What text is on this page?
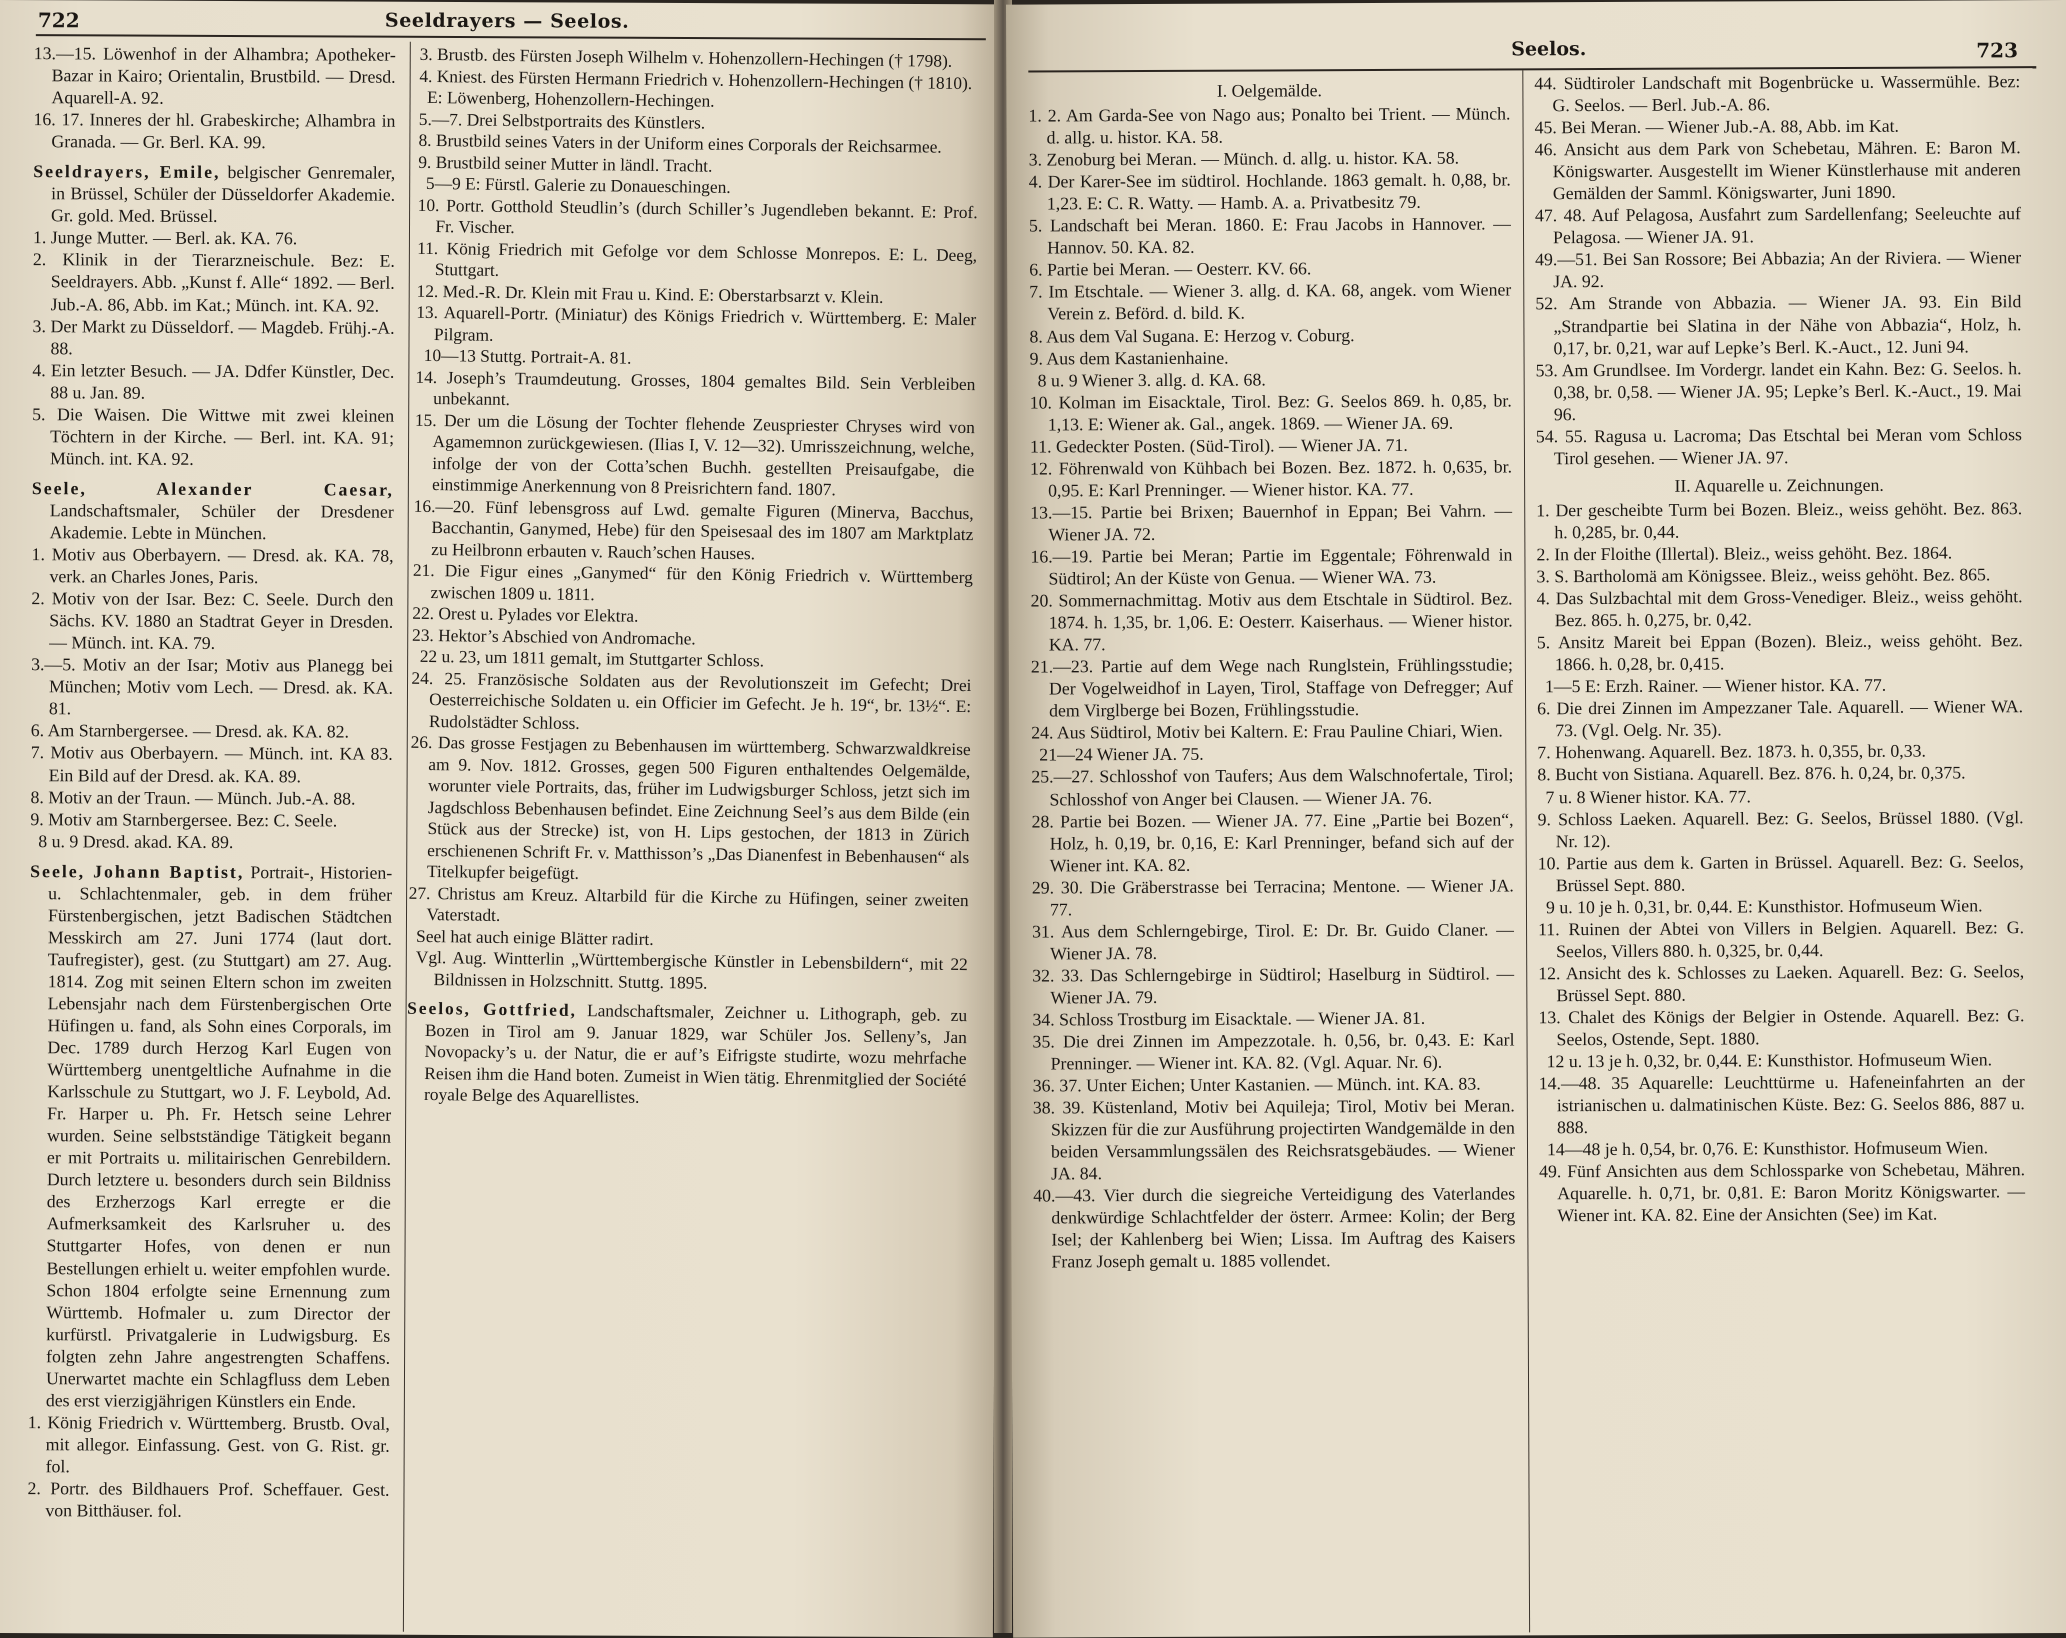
722	Seeldrayers — Seelos.

13.—15. Löwenhof in der Alhambra; Apotheker-Bazar in Kairo; Orientalin, Brustbild. — Dresd. Aquarell-A. 92.

16. 17. Inneres der hl. Grabeskirche; Alhambra in Granada. — Gr. Berl. KA. 99.

Seeldrayers, Emile, belgischer Genremaler, in Brüssel, Schüler der Düsseldorfer Akademie. Gr. gold. Med. Brüssel.

1. Junge Mutter. — Berl. ak. KA. 76.

2. Klinik in der Tierarzneischule. Bez: E. Seeldrayers. Abb. „Kunst f. Alle“ 1892. — Berl. Jub.-A. 86, Abb. im Kat.; Münch. int. KA. 92.

3. Der Markt zu Düsseldorf. — Magdeb. Frühj.-A. 88.

4. Ein letzter Besuch. — JA. Ddfer Künstler, Dec. 88 u. Jan. 89.

5. Die Waisen. Die Wittwe mit zwei kleinen Töchtern in der Kirche. — Berl. int. KA. 91; Münch. int. KA. 92.

Seele, Alexander Caesar, Landschaftsmaler, Schüler der Dresdener Akademie. Lebte in München.

1. Motiv aus Oberbayern. — Dresd. ak. KA. 78, verk. an Charles Jones, Paris.

2. Motiv von der Isar. Bez: C. Seele. Durch den Sächs. KV. 1880 an Stadtrat Geyer in Dresden. — Münch. int. KA. 79.

3.—5. Motiv an der Isar; Motiv aus Planegg bei München; Motiv vom Lech. — Dresd. ak. KA. 81.

6. Am Starnbergersee. — Dresd. ak. KA. 82.

7. Motiv aus Oberbayern. — Münch. int. KA 83. Ein Bild auf der Dresd. ak. KA. 89.

8. Motiv an der Traun. — Münch. Jub.-A. 88.

9. Motiv am Starnbergersee. Bez: C. Seele.

8 u. 9 Dresd. akad. KA. 89.

Seele, Johann Baptist, Portrait-, Historien- u. Schlachtenmaler, geb. in dem früher Fürstenbergischen, jetzt Badischen Städtchen Messkirch am 27. Juni 1774 (laut dort. Taufregister), gest. (zu Stuttgart) am 27. Aug. 1814. Zog mit seinen Eltern schon im zweiten Lebensjahr nach dem Fürstenbergischen Orte Hüfingen u. fand, als Sohn eines Corporals, im Dec. 1789 durch Herzog Karl Eugen von Württemberg unentgeltliche Aufnahme in die Karlsschule zu Stuttgart, wo J. F. Leybold, Ad. Fr. Harper u. Ph. Fr. Hetsch seine Lehrer wurden. Seine selbstständige Tätigkeit begann er mit Portraits u. militairischen Genrebildern. Durch letztere u. besonders durch sein Bildniss des Erzherzogs Karl erregte er die Aufmerksamkeit des Karlsruher u. des Stuttgarter Hofes, von denen er nun Bestellungen erhielt u. weiter empfohlen wurde. Schon 1804 erfolgte seine Ernennung zum Württemb. Hofmaler u. zum Director der kurfürstl. Privatgalerie in Ludwigsburg. Es folgten zehn Jahre angestrengten Schaffens. Unerwartet machte ein Schlagfluss dem Leben des erst vierzigjährigen Künstlers ein Ende.

1. König Friedrich v. Württemberg. Brustb. Oval, mit allegor. Einfassung. Gest. von G. Rist. gr. fol.

2. Portr. des Bildhauers Prof. Scheffauer. Gest. von Bitthäuser. fol.

3. Brustb. des Fürsten Joseph Wilhelm v. Hohenzollern-Hechingen († 1798).

4. Kniest. des Fürsten Hermann Friedrich v. Hohenzollern-Hechingen († 1810).

E: Löwenberg, Hohenzollern-Hechingen.

5.—7. Drei Selbstportraits des Künstlers.

8. Brustbild seines Vaters in der Uniform eines Corporals der Reichsarmee.

9. Brustbild seiner Mutter in ländl. Tracht.

5—9 E: Fürstl. Galerie zu Donaueschingen.

10. Portr. Gotthold Steudlin’s (durch Schiller’s Jugendleben bekannt. E: Prof. Fr. Vischer.

11. König Friedrich mit Gefolge vor dem Schlosse Monrepos. E: L. Deeg, Stuttgart.

12. Med.-R. Dr. Klein mit Frau u. Kind. E: Oberstarbsarzt v. Klein.

13. Aquarell-Portr. (Miniatur) des Königs Friedrich v. Württemberg. E: Maler Pilgram.

10—13 Stuttg. Portrait-A. 81.

14. Joseph’s Traumdeutung. Grosses, 1804 gemaltes Bild. Sein Verbleiben unbekannt.

15. Der um die Lösung der Tochter flehende Zeuspriester Chryses wird von Agamemnon zurückgewiesen. (Ilias I, V. 12—32). Umrisszeichnung, welche, infolge der von der Cotta’schen Buchh. gestellten Preisaufgabe, die einstimmige Anerkennung von 8 Preisrichtern fand. 1807.

16.—20. Fünf lebensgross auf Lwd. gemalte Figuren (Minerva, Bacchus, Bacchantin, Ganymed, Hebe) für den Speisesaal des im 1807 am Marktplatz zu Heilbronn erbauten v. Rauch’schen Hauses.

21. Die Figur eines „Ganymed“ für den König Friedrich v. Württemberg zwischen 1809 u. 1811.

22. Orest u. Pylades vor Elektra.

23. Hektor’s Abschied von Andromache.

22 u. 23, um 1811 gemalt, im Stuttgarter Schloss.

24. 25. Französische Soldaten aus der Revolutionszeit im Gefecht; Drei Oesterreichische Soldaten u. ein Officier im Gefecht. Je h. 19“, br. 13½“. E: Rudolstädter Schloss.

26. Das grosse Festjagen zu Bebenhausen im württemberg. Schwarzwaldkreise am 9. Nov. 1812. Grosses, gegen 500 Figuren enthaltendes Oelgemälde, worunter viele Portraits, das, früher im Ludwigsburger Schloss, jetzt sich im Jagdschloss Bebenhausen befindet. Eine Zeichnung Seel’s aus dem Bilde (ein Stück aus der Strecke) ist, von H. Lips gestochen, der 1813 in Zürich erschienenen Schrift Fr. v. Matthisson’s „Das Dianenfest in Bebenhausen“ als Titelkupfer beigefügt.

27. Christus am Kreuz. Altarbild für die Kirche zu Hüfingen, seiner zweiten Vaterstadt.

Seel hat auch einige Blätter radirt.

Vgl. Aug. Wintterlin „Württembergische Künstler in Lebensbildern“, mit 22 Bildnissen in Holzschnitt. Stuttg. 1895.

Seelos, Gottfried, Landschaftsmaler, Zeichner u. Lithograph, geb. zu Bozen in Tirol am 9. Januar 1829, war Schüler Jos. Selleny’s, Jan Novopacky’s u. der Natur, die er auf’s Eifrigste studirte, wozu mehrfache Reisen ihm die Hand boten. Zumeist in Wien tätig. Ehrenmitglied der Société royale Belge des Aquarellistes.

Seelos.	723

I. Oelgemälde.

1. 2. Am Garda-See von Nago aus; Ponalto bei Trient. — Münch. d. allg. u. histor. KA. 58.

3. Zenoburg bei Meran. — Münch. d. allg. u. histor. KA. 58.

4. Der Karer-See im südtirol. Hochlande. 1863 gemalt. h. 0,88, br. 1,23. E: C. R. Watty. — Hamb. A. a. Privatbesitz 79.

5. Landschaft bei Meran. 1860. E: Frau Jacobs in Hannover. — Hannov. 50. KA. 82.

6. Partie bei Meran. — Oesterr. KV. 66.

7. Im Etschtale. — Wiener 3. allg. d. KA. 68, angek. vom Wiener Verein z. Beförd. d. bild. K.

8. Aus dem Val Sugana. E: Herzog v. Coburg.

9. Aus dem Kastanienhaine.

8 u. 9 Wiener 3. allg. d. KA. 68.

10. Kolman im Eisacktale, Tirol. Bez: G. Seelos 869. h. 0,85, br. 1,13. E: Wiener ak. Gal., angek. 1869. — Wiener JA. 69.

11. Gedeckter Posten. (Süd-Tirol). — Wiener JA. 71.

12. Föhrenwald von Kühbach bei Bozen. Bez. 1872. h. 0,635, br. 0,95. E: Karl Prenninger. — Wiener histor. KA. 77.

13.—15. Partie bei Brixen; Bauernhof in Eppan; Bei Vahrn. — Wiener JA. 72.

16.—19. Partie bei Meran; Partie im Eggentale; Föhrenwald in Südtirol; An der Küste von Genua. — Wiener WA. 73.

20. Sommernachmittag. Motiv aus dem Etschtale in Südtirol. Bez. 1874. h. 1,35, br. 1,06. E: Oesterr. Kaiserhaus. — Wiener histor. KA. 77.

21.—23. Partie auf dem Wege nach Runglstein, Frühlingsstudie; Der Vogelweidhof in Layen, Tirol, Staffage von Defregger; Auf dem Virglberge bei Bozen, Frühlingsstudie.

24. Aus Südtirol, Motiv bei Kaltern. E: Frau Pauline Chiari, Wien.

21—24 Wiener JA. 75.

25.—27. Schlosshof von Taufers; Aus dem Walschnofertale, Tirol; Schlosshof von Anger bei Clausen. — Wiener JA. 76.

28. Partie bei Bozen. — Wiener JA. 77. Eine „Partie bei Bozen“, Holz, h. 0,19, br. 0,16, E: Karl Prenninger, befand sich auf der Wiener int. KA. 82.

29. 30. Die Gräberstrasse bei Terracina; Mentone. — Wiener JA. 77.

31. Aus dem Schlerngebirge, Tirol. E: Dr. Br. Guido Claner. — Wiener JA. 78.

32. 33. Das Schlerngebirge in Südtirol; Haselburg in Südtirol. — Wiener JA. 79.

34. Schloss Trostburg im Eisacktale. — Wiener JA. 81.

35. Die drei Zinnen im Ampezzotale. h. 0,56, br. 0,43. E: Karl Prenninger. — Wiener int. KA. 82. (Vgl. Aquar. Nr. 6).

36. 37. Unter Eichen; Unter Kastanien. — Münch. int. KA. 83.

38. 39. Küstenland, Motiv bei Aquileja; Tirol, Motiv bei Meran. Skizzen für die zur Ausführung projectirten Wandgemälde in den beiden Versammlungssälen des Reichsratsgebäudes. — Wiener JA. 84.

40.—43. Vier durch die siegreiche Verteidigung des Vaterlandes denkwürdige Schlachtfelder der österr. Armee: Kolin; der Berg Isel; der Kahlenberg bei Wien; Lissa. Im Auftrag des Kaisers Franz Joseph gemalt u. 1885 vollendet.

44. Südtiroler Landschaft mit Bogenbrücke u. Wassermühle. Bez: G. Seelos. — Berl. Jub.-A. 86.

45. Bei Meran. — Wiener Jub.-A. 88, Abb. im Kat.

46. Ansicht aus dem Park von Schebetau, Mähren. E: Baron M. Königswarter. Ausgestellt im Wiener Künstlerhause mit anderen Gemälden der Samml. Königswarter, Juni 1890.

47. 48. Auf Pelagosa, Ausfahrt zum Sardellenfang; Seeleuchte auf Pelagosa. — Wiener JA. 91.

49.—51. Bei San Rossore; Bei Abbazia; An der Riviera. — Wiener JA. 92.

52. Am Strande von Abbazia. — Wiener JA. 93. Ein Bild „Strandpartie bei Slatina in der Nähe von Abbazia“, Holz, h. 0,17, br. 0,21, war auf Lepke’s Berl. K.-Auct., 12. Juni 94.

53. Am Grundlsee. Im Vordergr. landet ein Kahn. Bez: G. Seelos. h. 0,38, br. 0,58. — Wiener JA. 95; Lepke’s Berl. K.-Auct., 19. Mai 96.

54. 55. Ragusa u. Lacroma; Das Etschtal bei Meran vom Schloss Tirol gesehen. — Wiener JA. 97.

II. Aquarelle u. Zeichnungen.

1. Der gescheibte Turm bei Bozen. Bleiz., weiss gehöht. Bez. 863. h. 0,285, br. 0,44.

2. In der Floithe (Illertal). Bleiz., weiss gehöht. Bez. 1864.

3. S. Bartholomä am Königssee. Bleiz., weiss gehöht. Bez. 865.

4. Das Sulzbachtal mit dem Gross-Venediger. Bleiz., weiss gehöht. Bez. 865. h. 0,275, br. 0,42.

5. Ansitz Mareit bei Eppan (Bozen). Bleiz., weiss gehöht. Bez. 1866. h. 0,28, br. 0,415.

1—5 E: Erzh. Rainer. — Wiener histor. KA. 77.

6. Die drei Zinnen im Ampezzaner Tale. Aquarell. — Wiener WA. 73. (Vgl. Oelg. Nr. 35).

7. Hohenwang. Aquarell. Bez. 1873. h. 0,355, br. 0,33.

8. Bucht von Sistiana. Aquarell. Bez. 876. h. 0,24, br. 0,375.

7 u. 8 Wiener histor. KA. 77.

9. Schloss Laeken. Aquarell. Bez: G. Seelos, Brüssel 1880. (Vgl. Nr. 12).

10. Partie aus dem k. Garten in Brüssel. Aquarell. Bez: G. Seelos, Brüssel Sept. 880.

9 u. 10 je h. 0,31, br. 0,44. E: Kunsthistor. Hofmuseum Wien.

11. Ruinen der Abtei von Villers in Belgien. Aquarell. Bez: G. Seelos, Villers 880. h. 0,325, br. 0,44.

12. Ansicht des k. Schlosses zu Laeken. Aquarell. Bez: G. Seelos, Brüssel Sept. 880.

13. Chalet des Königs der Belgier in Ostende. Aquarell. Bez: G. Seelos, Ostende, Sept. 1880.

12 u. 13 je h. 0,32, br. 0,44. E: Kunsthistor. Hofmuseum Wien.

14.—48. 35 Aquarelle: Leuchttürme u. Hafeneinfahrten an der istrianischen u. dalmatinischen Küste. Bez: G. Seelos 886, 887 u. 888.

14—48 je h. 0,54, br. 0,76. E: Kunsthistor. Hofmuseum Wien.

49. Fünf Ansichten aus dem Schlossparke von Schebetau, Mähren. Aquarelle. h. 0,71, br. 0,81. E: Baron Moritz Königswarter. — Wiener int. KA. 82. Eine der Ansichten (See) im Kat.
